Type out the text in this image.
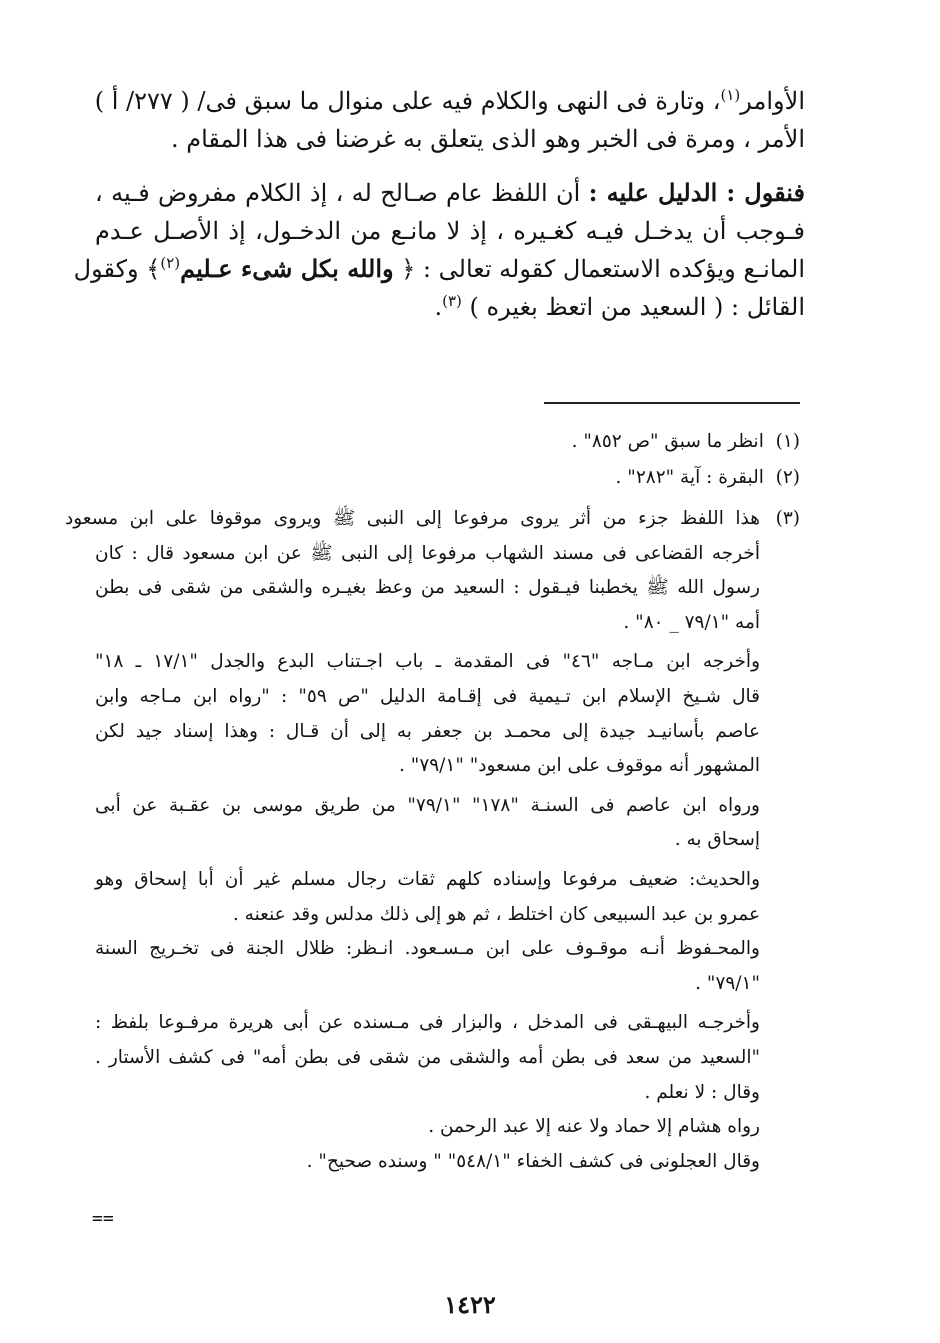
الأوامر$^{(١)}$، وتارة فى النهى والكلام فيه على منوال ما سبق فى/ ( ٢٧٧/ أ )
الأمر ، ومرة فى الخبر وهو الذى يتعلق به غرضنا فى هذا المقام .
فنقول : الدليل عليه : أن اللفظ عام صـالح له ، إذ الكلام مفروض فـيه ،
فـوجب أن يدخـل فيـه كغـيره ، إذ لا مانـع من الدخـول، إذ الأصـل عـدم
المانـع ويؤكده الاستعمال كقوله تعالى : ﴿ والله بكل شىء عـليم$^{(٢)}$﴾ وكقول
القائل : ( السعيد من اتعظ بغيره ) $^{(٣)}$.
(١)  انظر ما سبق "ص ٨٥٢" .
(٢)  البقرة : آية "٢٨٢" .
(٣)
هذا اللفظ جزء من أثر يروى مرفوعا إلى النبى ﷺ ويروى موقوفا على ابن مسعود
أخرجه القضاعى فى مسند الشهاب مرفوعا إلى النبى ﷺ عن ابن مسعود قال : كان
رسول الله ﷺ يخطبنا فيـقول : السعيد من وعظ بغيـره والشقى من شقى فى بطن
أمه "٧٩/١ _ ٨٠" .
وأخرجه ابن مـاجه "٤٦" فى المقدمة ـ باب اجـتناب البدع والجدل "١٧/١ ـ ١٨"
قال شـيخ الإسلام ابن تـيمية فى إقـامة الدليل "ص ٥٩" : "رواه ابن مـاجه وابن
عاصم بأسانيـد جيدة إلى محمـد بن جعفر به إلى أن قـال : وهذا إسناد جيد لكن
المشهور أنه موقوف على ابن مسعود" "٧٩/١" .
ورواه ابن عاصم فى السنـة "١٧٨" "٧٩/١" من طريق موسى بن عقـبة عن أبى
إسحاق به .
والحديث: ضعيف مرفوعا وإسناده كلهم ثقات رجال مسلم غير أن أبا إسحاق وهو
عمرو بن عبد السبيعى كان اختلط ، ثم هو إلى ذلك مدلس وقد عنعنه .
والمحـفوظ أنـه موقـوف على ابن مـسـعود. انـظر: ظلال الجنة فى تخـريج السنة
"٧٩/١" .
وأخرجـه البيهـقى فى المدخل ، والبزار فى مـسنده عن أبى هريرة مرفـوعا بلفظ :
"السعيد من سعد فى بطن أمه والشقى من شقى فى بطن أمه" فى كشف الأستار .
وقال : لا نعلم .
رواه هشام إلا حماد ولا عنه إلا عبد الرحمن .
وقال العجلونى فى كشف الخفاء "٥٤٨/١" " وسنده صحيح" .
==
١٤٢٢
